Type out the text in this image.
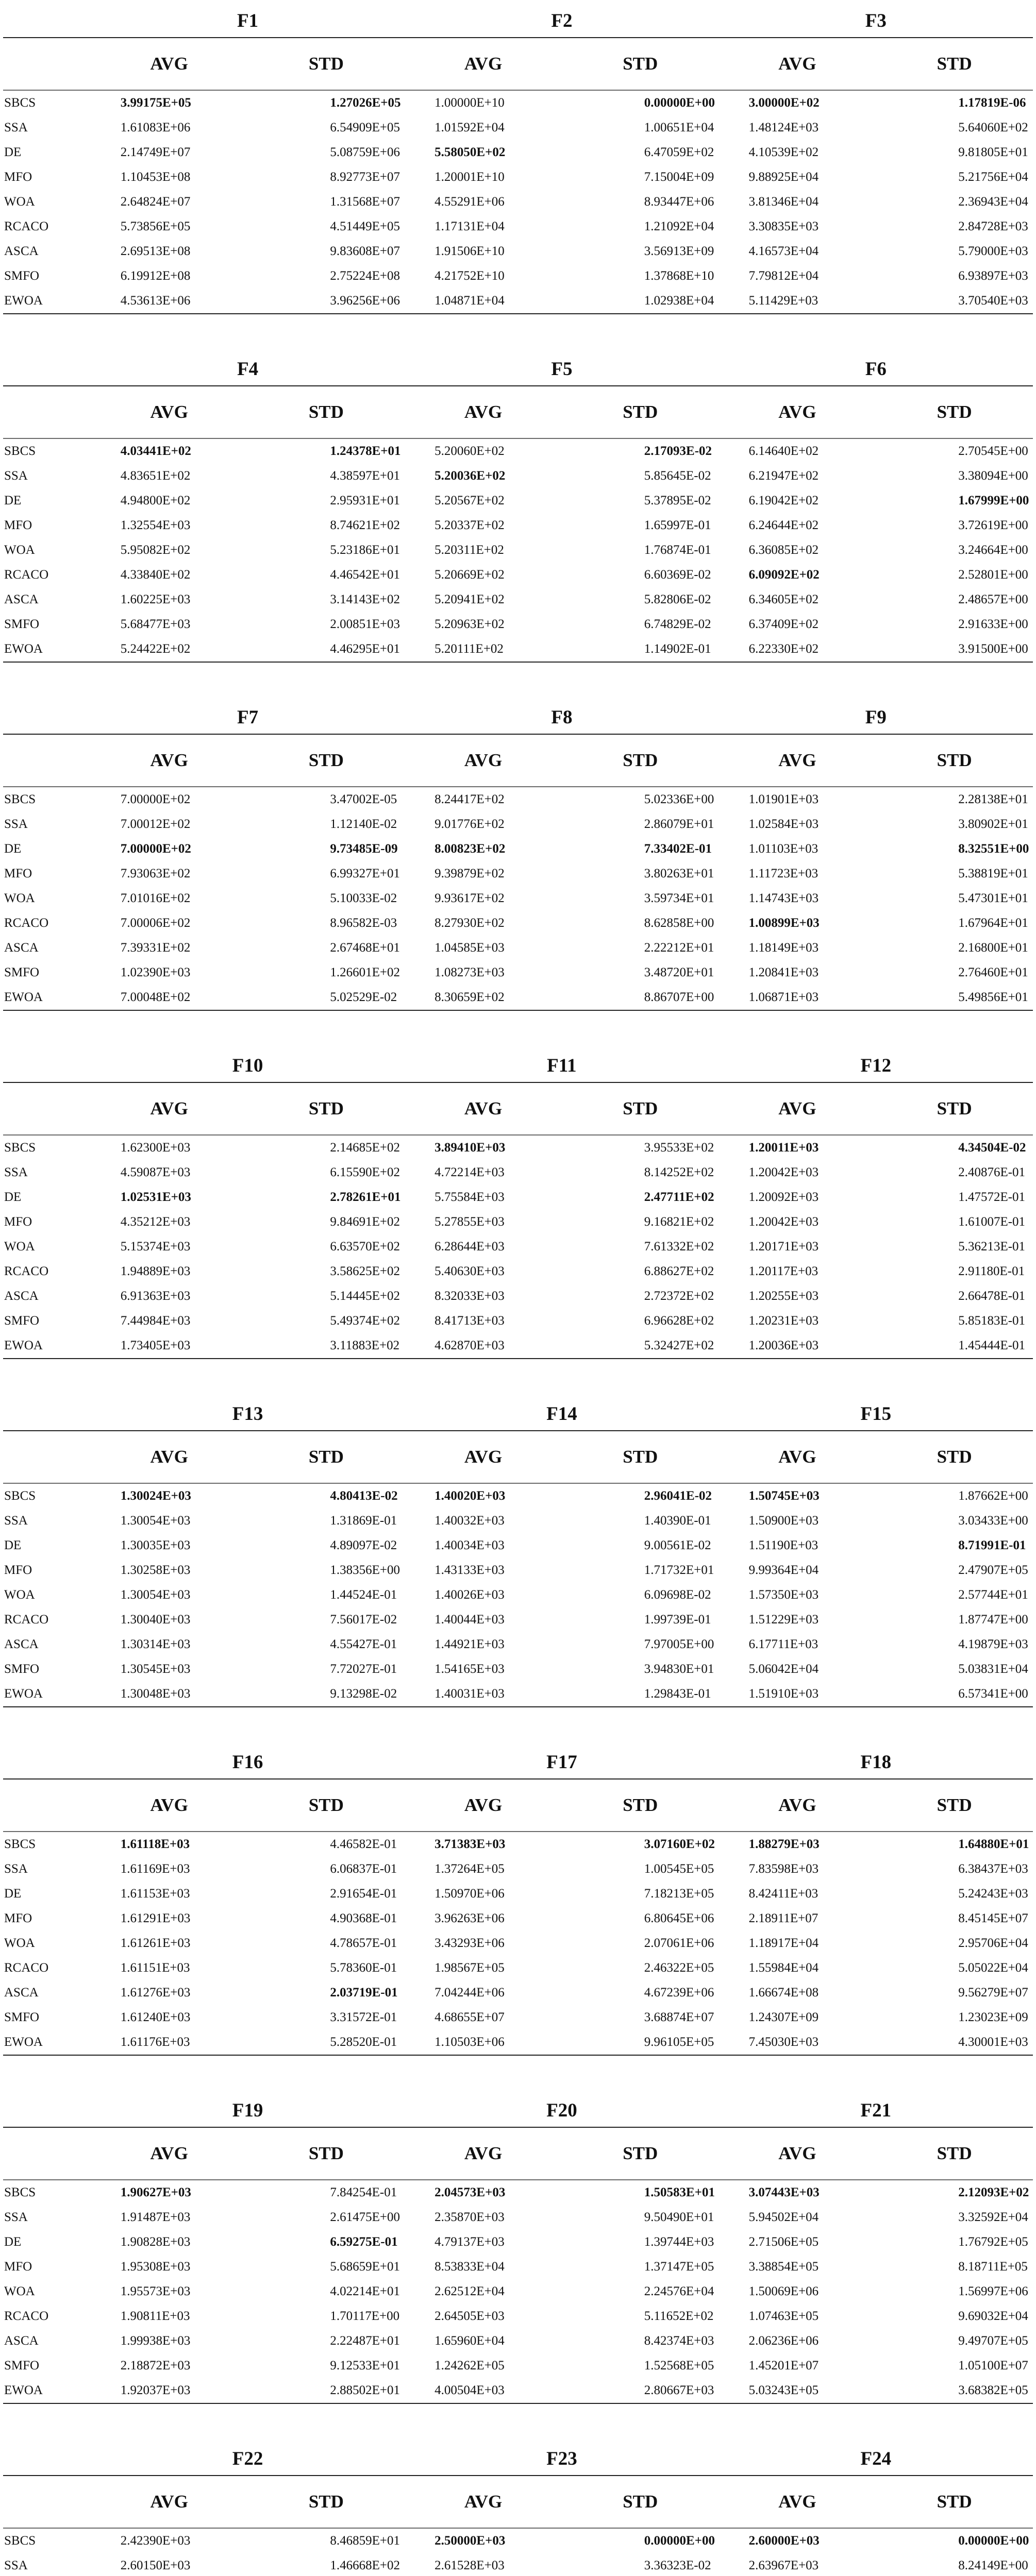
F1	F2	F3
AVG	STD	AVG	STD	AVG	STD
SBCS	3.99175E+05	1.27026E+05	1.00000E+10	0.00000E+00	3.00000E+02	1.17819E-06
SSA	1.61083E+06	6.54909E+05	1.01592E+04	1.00651E+04	1.48124E+03	5.64060E+02
DE	2.14749E+07	5.08759E+06	5.58050E+02	6.47059E+02	4.10539E+02	9.81805E+01
MFO	1.10453E+08	8.92773E+07	1.20001E+10	7.15004E+09	9.88925E+04	5.21756E+04
WOA	2.64824E+07	1.31568E+07	4.55291E+06	8.93447E+06	3.81346E+04	2.36943E+04
RCACO	5.73856E+05	4.51449E+05	1.17131E+04	1.21092E+04	3.30835E+03	2.84728E+03
ASCA	2.69513E+08	9.83608E+07	1.91506E+10	3.56913E+09	4.16573E+04	5.79000E+03
SMFO	6.19912E+08	2.75224E+08	4.21752E+10	1.37868E+10	7.79812E+04	6.93897E+03
EWOA	4.53613E+06	3.96256E+06	1.04871E+04	1.02938E+04	5.11429E+03	3.70540E+03
F4	F5	F6
AVG	STD	AVG	STD	AVG	STD
SBCS	4.03441E+02	1.24378E+01	5.20060E+02	2.17093E-02	6.14640E+02	2.70545E+00
SSA	4.83651E+02	4.38597E+01	5.20036E+02	5.85645E-02	6.21947E+02	3.38094E+00
DE	4.94800E+02	2.95931E+01	5.20567E+02	5.37895E-02	6.19042E+02	1.67999E+00
MFO	1.32554E+03	8.74621E+02	5.20337E+02	1.65997E-01	6.24644E+02	3.72619E+00
WOA	5.95082E+02	5.23186E+01	5.20311E+02	1.76874E-01	6.36085E+02	3.24664E+00
RCACO	4.33840E+02	4.46542E+01	5.20669E+02	6.60369E-02	6.09092E+02	2.52801E+00
ASCA	1.60225E+03	3.14143E+02	5.20941E+02	5.82806E-02	6.34605E+02	2.48657E+00
SMFO	5.68477E+03	2.00851E+03	5.20963E+02	6.74829E-02	6.37409E+02	2.91633E+00
EWOA	5.24422E+02	4.46295E+01	5.20111E+02	1.14902E-01	6.22330E+02	3.91500E+00
F7	F8	F9
AVG	STD	AVG	STD	AVG	STD
SBCS	7.00000E+02	3.47002E-05	8.24417E+02	5.02336E+00	1.01901E+03	2.28138E+01
SSA	7.00012E+02	1.12140E-02	9.01776E+02	2.86079E+01	1.02584E+03	3.80902E+01
DE	7.00000E+02	9.73485E-09	8.00823E+02	7.33402E-01	1.01103E+03	8.32551E+00
MFO	7.93063E+02	6.99327E+01	9.39879E+02	3.80263E+01	1.11723E+03	5.38819E+01
WOA	7.01016E+02	5.10033E-02	9.93617E+02	3.59734E+01	1.14743E+03	5.47301E+01
RCACO	7.00006E+02	8.96582E-03	8.27930E+02	8.62858E+00	1.00899E+03	1.67964E+01
ASCA	7.39331E+02	2.67468E+01	1.04585E+03	2.22212E+01	1.18149E+03	2.16800E+01
SMFO	1.02390E+03	1.26601E+02	1.08273E+03	3.48720E+01	1.20841E+03	2.76460E+01
EWOA	7.00048E+02	5.02529E-02	8.30659E+02	8.86707E+00	1.06871E+03	5.49856E+01
F10	F11	F12
AVG	STD	AVG	STD	AVG	STD
SBCS	1.62300E+03	2.14685E+02	3.89410E+03	3.95533E+02	1.20011E+03	4.34504E-02
SSA	4.59087E+03	6.15590E+02	4.72214E+03	8.14252E+02	1.20042E+03	2.40876E-01
DE	1.02531E+03	2.78261E+01	5.75584E+03	2.47711E+02	1.20092E+03	1.47572E-01
MFO	4.35212E+03	9.84691E+02	5.27855E+03	9.16821E+02	1.20042E+03	1.61007E-01
WOA	5.15374E+03	6.63570E+02	6.28644E+03	7.61332E+02	1.20171E+03	5.36213E-01
RCACO	1.94889E+03	3.58625E+02	5.40630E+03	6.88627E+02	1.20117E+03	2.91180E-01
ASCA	6.91363E+03	5.14445E+02	8.32033E+03	2.72372E+02	1.20255E+03	2.66478E-01
SMFO	7.44984E+03	5.49374E+02	8.41713E+03	6.96628E+02	1.20231E+03	5.85183E-01
EWOA	1.73405E+03	3.11883E+02	4.62870E+03	5.32427E+02	1.20036E+03	1.45444E-01
F13	F14	F15
AVG	STD	AVG	STD	AVG	STD
SBCS	1.30024E+03	4.80413E-02	1.40020E+03	2.96041E-02	1.50745E+03	1.87662E+00
SSA	1.30054E+03	1.31869E-01	1.40032E+03	1.40390E-01	1.50900E+03	3.03433E+00
DE	1.30035E+03	4.89097E-02	1.40034E+03	9.00561E-02	1.51190E+03	8.71991E-01
MFO	1.30258E+03	1.38356E+00	1.43133E+03	1.71732E+01	9.99364E+04	2.47907E+05
WOA	1.30054E+03	1.44524E-01	1.40026E+03	6.09698E-02	1.57350E+03	2.57744E+01
RCACO	1.30040E+03	7.56017E-02	1.40044E+03	1.99739E-01	1.51229E+03	1.87747E+00
ASCA	1.30314E+03	4.55427E-01	1.44921E+03	7.97005E+00	6.17711E+03	4.19879E+03
SMFO	1.30545E+03	7.72027E-01	1.54165E+03	3.94830E+01	5.06042E+04	5.03831E+04
EWOA	1.30048E+03	9.13298E-02	1.40031E+03	1.29843E-01	1.51910E+03	6.57341E+00
F16	F17	F18
AVG	STD	AVG	STD	AVG	STD
SBCS	1.61118E+03	4.46582E-01	3.71383E+03	3.07160E+02	1.88279E+03	1.64880E+01
SSA	1.61169E+03	6.06837E-01	1.37264E+05	1.00545E+05	7.83598E+03	6.38437E+03
DE	1.61153E+03	2.91654E-01	1.50970E+06	7.18213E+05	8.42411E+03	5.24243E+03
MFO	1.61291E+03	4.90368E-01	3.96263E+06	6.80645E+06	2.18911E+07	8.45145E+07
WOA	1.61261E+03	4.78657E-01	3.43293E+06	2.07061E+06	1.18917E+04	2.95706E+04
RCACO	1.61151E+03	5.78360E-01	1.98567E+05	2.46322E+05	1.55984E+04	5.05022E+04
ASCA	1.61276E+03	2.03719E-01	7.04244E+06	4.67239E+06	1.66674E+08	9.56279E+07
SMFO	1.61240E+03	3.31572E-01	4.68655E+07	3.68874E+07	1.24307E+09	1.23023E+09
EWOA	1.61176E+03	5.28520E-01	1.10503E+06	9.96105E+05	7.45030E+03	4.30001E+03
F19	F20	F21
AVG	STD	AVG	STD	AVG	STD
SBCS	1.90627E+03	7.84254E-01	2.04573E+03	1.50583E+01	3.07443E+03	2.12093E+02
SSA	1.91487E+03	2.61475E+00	2.35870E+03	9.50490E+01	5.94502E+04	3.32592E+04
DE	1.90828E+03	6.59275E-01	4.79137E+03	1.39744E+03	2.71506E+05	1.76792E+05
MFO	1.95308E+03	5.68659E+01	8.53833E+04	1.37147E+05	3.38854E+05	8.18711E+05
WOA	1.95573E+03	4.02214E+01	2.62512E+04	2.24576E+04	1.50069E+06	1.56997E+06
RCACO	1.90811E+03	1.70117E+00	2.64505E+03	5.11652E+02	1.07463E+05	9.69032E+04
ASCA	1.99938E+03	2.22487E+01	1.65960E+04	8.42374E+03	2.06236E+06	9.49707E+05
SMFO	2.18872E+03	9.12533E+01	1.24262E+05	1.52568E+05	1.45201E+07	1.05100E+07
EWOA	1.92037E+03	2.88502E+01	4.00504E+03	2.80667E+03	5.03243E+05	3.68382E+05
F22	F23	F24
AVG	STD	AVG	STD	AVG	STD
SBCS	2.42390E+03	8.46859E+01	2.50000E+03	0.00000E+00	2.60000E+03	0.00000E+00
SSA	2.60150E+03	1.46668E+02	2.61528E+03	3.36323E-02	2.63967E+03	8.24149E+00
